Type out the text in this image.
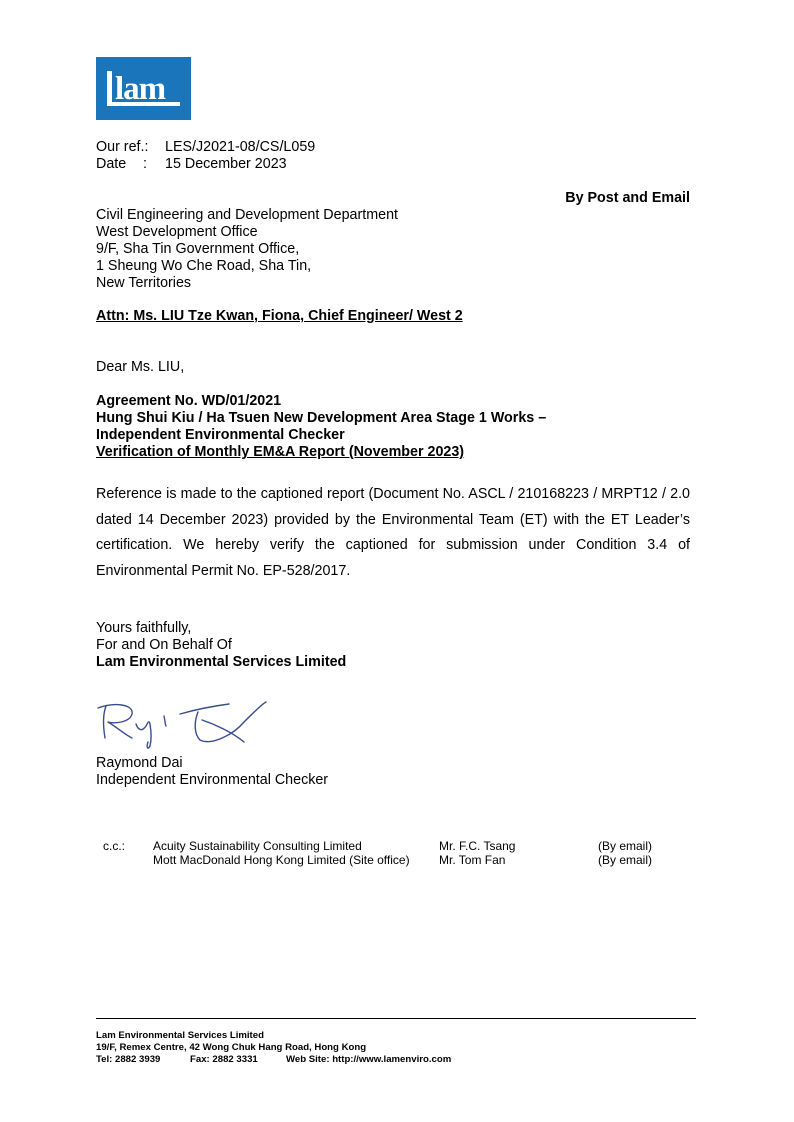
lam
Our ref.: LES/J2021-08/CS/L059
Date : 15 December 2023
By Post and Email
Civil Engineering and Development Department
West Development Office
9/F, Sha Tin Government Office,
1 Sheung Wo Che Road, Sha Tin,
New Territories
Attn: Ms. LIU Tze Kwan, Fiona, Chief Engineer/ West 2
Dear Ms. LIU,
Agreement No. WD/01/2021
Hung Shui Kiu / Ha Tsuen New Development Area Stage 1 Works –
Independent Environmental Checker
Verification of Monthly EM&A Report (November 2023)
Reference is made to the captioned report (Document No. ASCL / 210168223 / MRPT12 / 2.0 dated 14 December 2023) provided by the Environmental Team (ET) with the ET Leader’s certification. We hereby verify the captioned for submission under Condition 3.4 of Environmental Permit No. EP-528/2017.
Yours faithfully,
For and On Behalf Of
Lam Environmental Services Limited
Raymond Dai
Independent Environmental Checker
c.c.: Acuity Sustainability Consulting Limited	Mr. F.C. Tsang	(By email)
Mott MacDonald Hong Kong Limited (Site office) Mr. Tom Fan	(By email)
Lam Environmental Services Limited
19/F, Remex Centre, 42 Wong Chuk Hang Road, Hong Kong
Tel: 2882 3939	Fax: 2882 3331	Web Site: http://www.lamenviro.com
